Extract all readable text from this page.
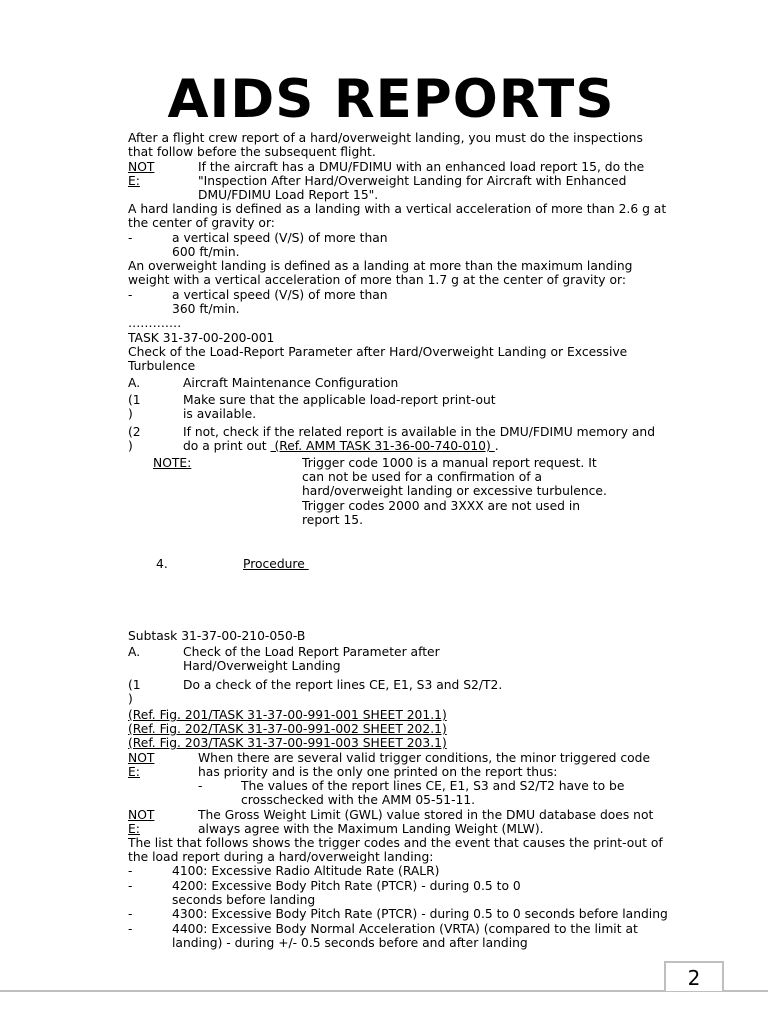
AIDS REPORTS
After a flight crew report of a hard/overweight landing, you must do the inspections
that follow before the subsequent flight.
NOT
E:
If the aircraft has a DMU/FDIMU with an enhanced load report 15, do the
"Inspection After Hard/Overweight Landing for Aircraft with Enhanced
DMU/FDIMU Load Report 15".
A hard landing is defined as a landing with a vertical acceleration of more than 2.6 g at
the center of gravity or:
-	a vertical speed (V/S) of more than
600 ft/min.
An overweight landing is defined as a landing at more than the maximum landing
weight with a vertical acceleration of more than 1.7 g at the center of gravity or:
-	a vertical speed (V/S) of more than
360 ft/min.
………….
TASK 31-37-00-200-001
Check of the Load-Report Parameter after Hard/Overweight Landing or Excessive
Turbulence
A.	Aircraft Maintenance Configuration
(1
)
Make sure that the applicable load-report print-out
is available.
(2
)
If not, check if the related report is available in the DMU/FDIMU memory and
do a print out  (Ref. AMM TASK 31-36-00-740-010) .
NOTE:	Trigger code 1000 is a manual report request. It
can not be used for a confirmation of a
hard/overweight landing or excessive turbulence.
Trigger codes 2000 and 3XXX are not used in
report 15.
4.	Procedure
Subtask 31-37-00-210-050-B
A.	Check of the Load Report Parameter after
Hard/Overweight Landing
(1
)
Do a check of the report lines CE, E1, S3 and S2/T2.
(Ref. Fig. 201/TASK 31-37-00-991-001 SHEET 201.1)
(Ref. Fig. 202/TASK 31-37-00-991-002 SHEET 202.1)
(Ref. Fig. 203/TASK 31-37-00-991-003 SHEET 203.1)
NOT
E:
When there are several valid trigger conditions, the minor triggered code
has priority and is the only one printed on the report thus:
-	The values of the report lines CE, E1, S3 and S2/T2 have to be
crosschecked with the AMM 05-51-11.
NOT
E:
The Gross Weight Limit (GWL) value stored in the DMU database does not
always agree with the Maximum Landing Weight (MLW).
The list that follows shows the trigger codes and the event that causes the print-out of
the load report during a hard/overweight landing:
-	4100: Excessive Radio Altitude Rate (RALR)
-	4200: Excessive Body Pitch Rate (PTCR) - during 0.5 to 0
seconds before landing
-	4300: Excessive Body Pitch Rate (PTCR) - during 0.5 to 0 seconds before landing
-	4400: Excessive Body Normal Acceleration (VRTA) (compared to the limit at
landing) - during +/- 0.5 seconds before and after landing
2
